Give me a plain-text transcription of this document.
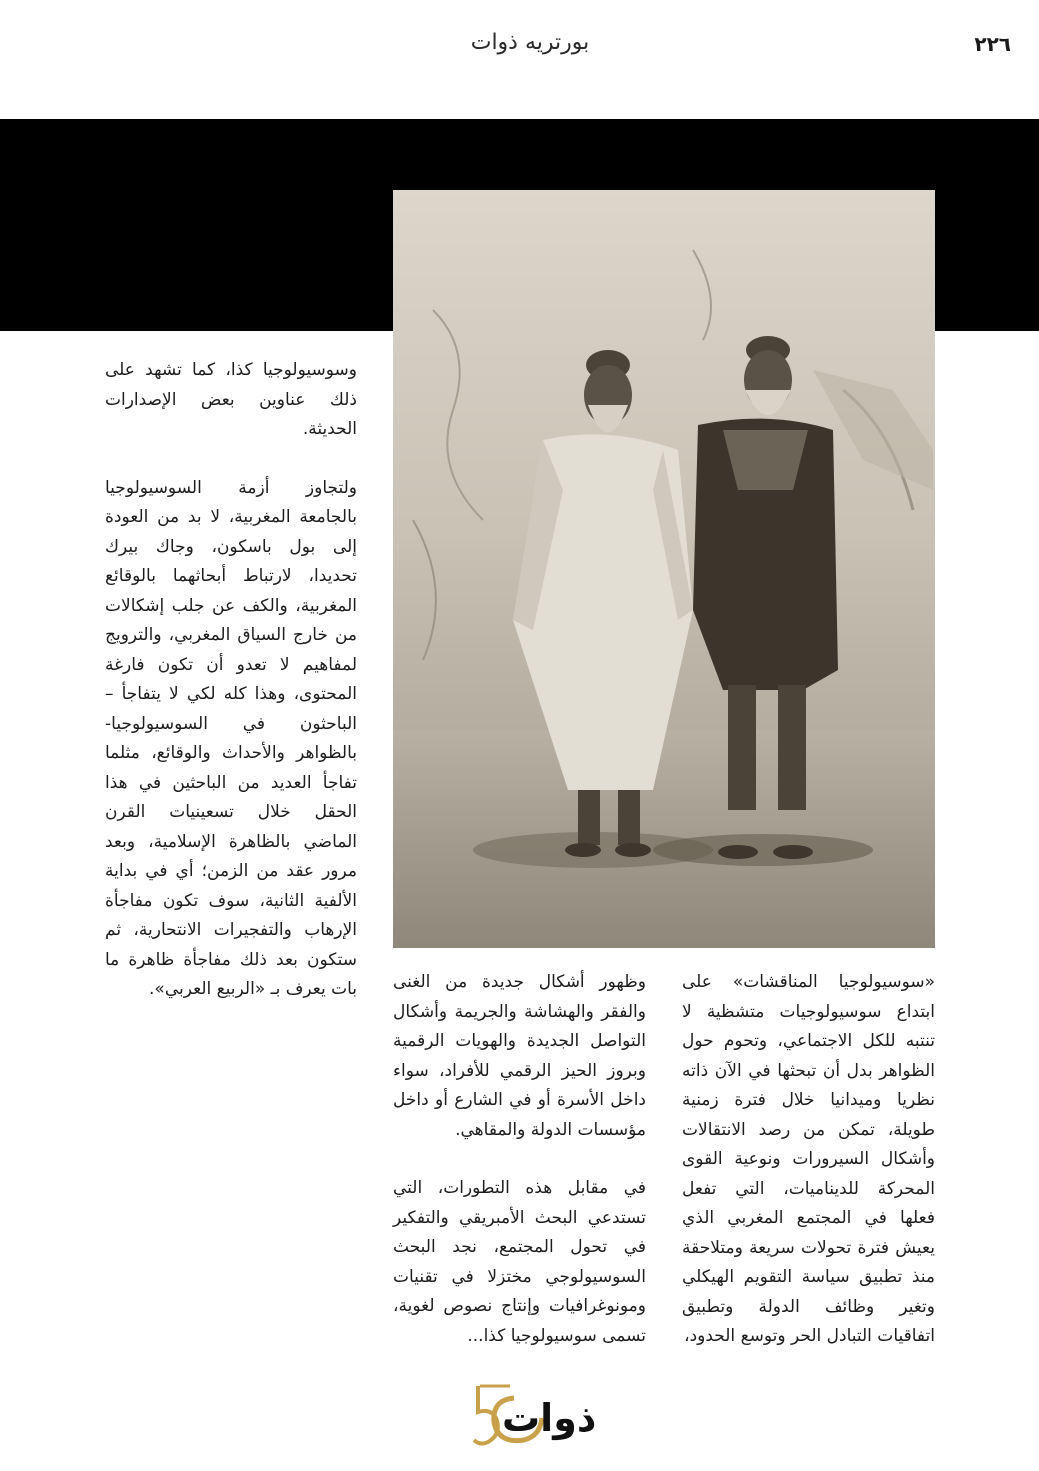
بورتريه ذوات	٢٢٦

وسوسيولوجيا كذا، كما تشهد على ذلك عناوين بعض الإصدارات الحديثة.

ولتجاوز أزمة السوسيولوجيا بالجامعة المغربية، لا بد من العودة إلى بول باسكون، وجاك بيرك تحديدا، لارتباط أبحاثهما بالوقائع المغربية، والكف عن جلب إشكالات من خارج السياق المغربي، والترويج لمفاهيم لا تعدو أن تكون فارغة المحتوى، وهذا كله لكي لا يتفاجأ – الباحثون في السوسيولوجيا- بالظواهر والأحداث والوقائع، مثلما تفاجأ العديد من الباحثين في هذا الحقل خلال تسعينيات القرن الماضي بالظاهرة الإسلامية، وبعد مرور عقد من الزمن؛ أي في بداية الألفية الثانية، سوف تكون مفاجأة الإرهاب والتفجيرات الانتحارية، ثم ستكون بعد ذلك مفاجأة ظاهرة ما بات يعرف بـ «الربيع العربي». وظهور أشكال جديدة من الغنى والفقر والهشاشة والجريمة وأشكال التواصل الجديدة والهويات الرقمية وبروز الحيز الرقمي للأفراد، سواء داخل الأسرة أو في الشارع أو داخل مؤسسات الدولة والمقاهي.

في مقابل هذه التطورات، التي تستدعي البحث الأمبريقي والتفكير في تحول المجتمع، نجد البحث السوسيولوجي مختزلا في تقنيات ومونوغرافيات وإنتاج نصوص لغوية، تسمى سوسيولوجيا كذا...

«سوسيولوجيا المناقشات» على ابتداع سوسيولوجيات متشظية لا تنتبه للكل الاجتماعي، وتحوم حول الظواهر بدل أن تبحثها في الآن ذاته نظريا وميدانيا خلال فترة زمنية طويلة، تمكن من رصد الانتقالات وأشكال السيرورات ونوعية القوى المحركة للديناميات، التي تفعل فعلها في المجتمع المغربي الذي يعيش فترة تحولات سريعة ومتلاحقة منذ تطبيق سياسة التقويم الهيكلي وتغير وظائف الدولة وتطبيق اتفاقيات التبادل الحر وتوسع الحدود،

ذوات
